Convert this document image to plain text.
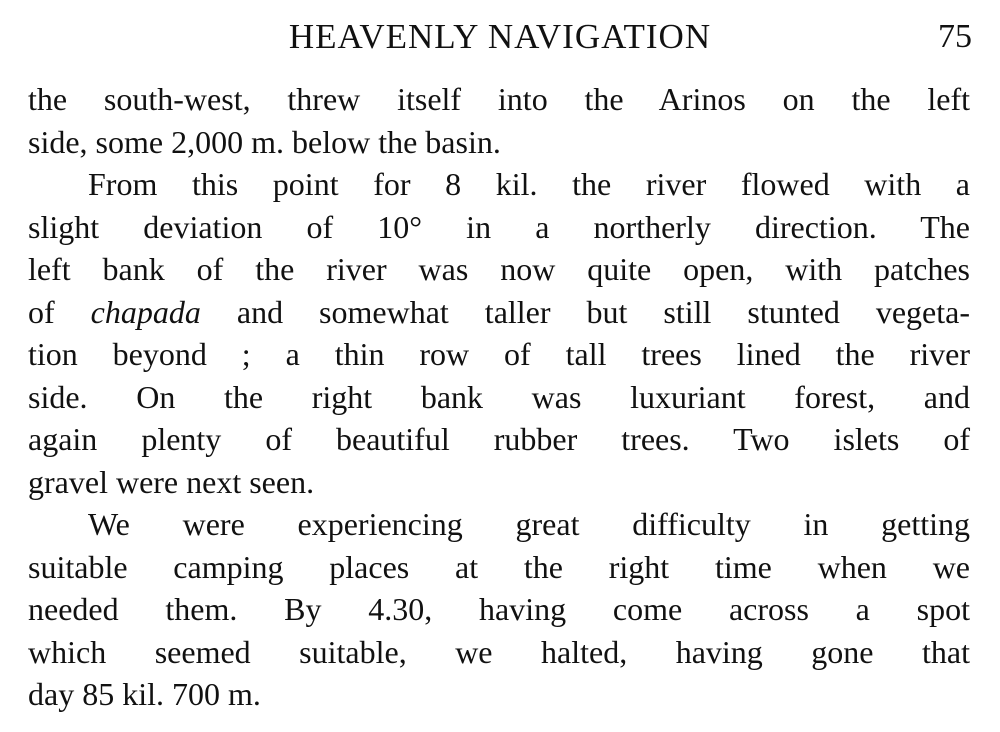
HEAVENLY NAVIGATION	75
the south-west, threw itself into the Arinos on the left
side, some 2,000 m. below the basin.
From this point for 8 kil. the river flowed with a
slight deviation of 10° in a northerly direction. The
left bank of the river was now quite open, with patches
of chapada and somewhat taller but still stunted vegeta-
tion beyond ; a thin row of tall trees lined the river
side. On the right bank was luxuriant forest, and
again plenty of beautiful rubber trees. Two islets of
gravel were next seen.
We were experiencing great difficulty in getting
suitable camping places at the right time when we
needed them. By 4.30, having come across a spot
which seemed suitable, we halted, having gone that
day 85 kil. 700 m.
